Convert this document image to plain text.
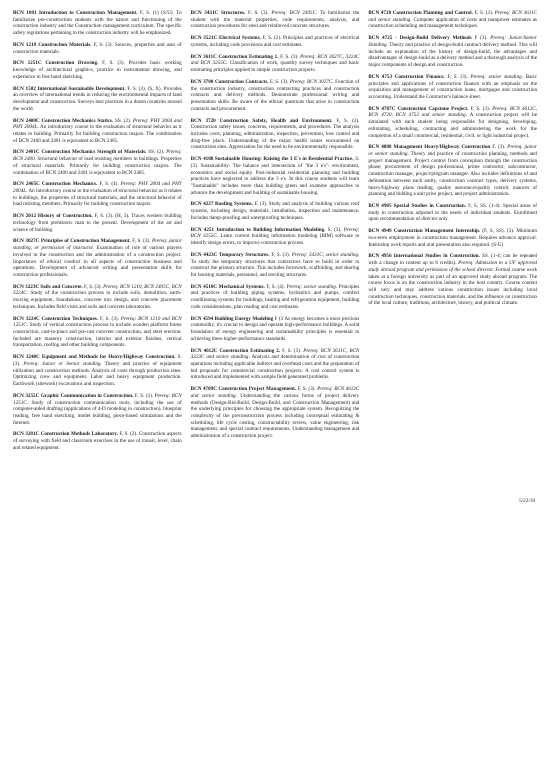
BCN 1001 Introduction to Construction Management. F, S. (1) (S/U). To familiarize pre-construction students with the nature and functioning of the construction industry and the Construction management curriculum. The specific safety regulations pertaining to the construction industry will be emphasized.

BCN 1210 Construction Materials. F, S. (3). Sources, properties and uses of construction materials.

BCN 1251C Construction Drawing. F, S. (3). Provides basic working knowledge of architectural graphics, practice in instrumental drawing, and experience in free hand sketching.

BCN 1582 International Sustainable Development. F, S. (3). (S, X). Provides an overview of international trends in reducing the environmental impacts of land development and construction. Surveys best practices in a dozen countries around the world.

BCN 2400C Construction Mechanics Statics. SS. (2). Prereq: PHY 2004 and PHY 2004L. An introductory course in the evaluation of structural behavior as it relates to building. Primarily for building construction majors. The combination of BCN 2400 and 2401 is equivalent to BCN 2405.

BCN 2401C Construction Mechanics Strength of Materials. SS. (2). Prereq: BCN 2400. Structural behavior of load resisting members in buildings. Properties of structural materials. Primarily for building construction majors. The combination of BCN 2400 and 2401 is equivalent to BCN 2405.

BCN 2405C Construction Mechanics. F, S. (4). Prereq: PHY 2004 and PHY 2004L. An introductory course in the evaluation of structural behavior as it relates to buildings, the properties of structural materials, and the structural behavior of load resisting members. Primarily for building construction majors.

BCN 2012 History of Construction. F, S. (3). (H, 3). Traces western building technology from prehistoric man to the present. Development of the art and science of building.

BCN 3027C Principles of Construction Management. F, S. (3). Prereq: junior standing, or permission of instructor. Examination of role of various players involved in the construction and the administration of a construction project. Importance of ethical conduct in all aspects of construction business and operations. Development of advanced writing and presentation skills for construction professionals.

BCN 3223C Soils and Concrete. F, S. (3). Prereq: BCN 1210, BCN 2405C, BCN 3224C. Study of the construction process to include soils, demolition, earth-moving equipment, foundations, concrete mix design, and concrete placement techniques. Includes field visits and soils and concrete laboratories.

BCN 3224C Construction Techniques. F, S. (3). Prereq: BCN 1210 and BCN 1251C. Study of vertical construction process to include wooden platform frame construction, cast-in-place and pre-cast concrete construction, and steel erection. Included are masonry construction, interior and exterior finishes, vertical transportation, roofing and other building components.

BCN 3240C Equipment and Methods for Heavy/Highway Construction. S. (3). Prereq: Junior or Senior standing. Theory and practice of equipment utilization and construction methods. Analysis of costs through production rates. Optimizing crew and equipment. Labor and heavy equipment production. Earthwork (sitework) excavations and inspection.

BCN 3255C Graphic Communication in Construction. F, S. (3). Prereq: BCN 1251C. Study of construction communication tools, including the use of computer-aided drafting (applications of 4-D modeling in construction), blueprint reading, free hand sketching, model building, piece-based simulations and the Internet.

BCN 3281C Construction Methods Laboratory. F, S. (2). Construction aspects of surveying with field and classroom exercises in the use of transit, level, chain and related equipment.

BCN 3431C Structures. F, S. (3). Prereq: BCN 2405C. To familiarize the student with the material properties, code requirements, analysis, and construction procedures for steel and reinforced concrete structures.

BCN 3521C Electrical Systems. F, S. (2). Principles and practices of electrical systems, including code provisions and cost estimates.

BCN 3611C Construction Estimating 1. F, S. (3). Prereq: BCN 3027C, 3224C and BCN 3255C. Classification of work, quantity survey techniques and basic estimating principles applied to simple construction projects.

BCN 3700 Construction Contracts. F, S. (3). Prereq: BCN 3027C. Function of the construction industry, construction contracting practices and construction contracts and delivery methods. Demonstrate professional writing and presentation skills. Be aware of the ethical questions that arise in construction contracts and procurement.

BCN 3720 Construction Safety, Health and Environment. F, S. (3). Construction safety issues, concerns, requirements, and procedures. The analysis includes costs, planning, administration, inspection, prevention, loss control and drug-free place. Understanding of the major health issues encountered on construction sites. Appreciation for the need to be environmentally responsible.

BCN 4108 Sustainable Housing: Raising the 3 E's in Residential Practice. S. (3). Sustainability: The balance and intersection of "the 3 e's": environment, economics and social equity. Post-industrial residential planning and building practices have neglected to address the 3 e's. In this course students will learn "Sustainable" includes more than building green and examine approaches to advance the development and building of sustainable housing.

BCN 4227 Roofing Systems. F. (3). Study and analysis of building various roof systems, including design, materials, installation, inspection and maintenance. Includes damp-proofing and waterproofing techniques.

BCN 4251 Introduction to Building Information Modeling. S. (3). Prereq: BCN 3255C. Learn current building information modeling (BIM) software to identify design errors, to improve construction process.

BCN 4423C Temporary Structures. F, S. (3). Prereq: 3431C, senior standing. To study the temporary structures that contractors have to build in order to construct the primary structure. This includes formwork; scaffolding, and shoring for housing materials, personnel, and erecting structures.

BCN 4510C Mechanical Systems. F, S. (4). Prereq: senior standing. Principles and practices of building piping systems, hydraulics and pumps, comfort conditioning systems for buildings, heating and refrigeration equipment, building code considerations, plan reading and cost estimates.

BCN 4594 Building Energy Modeling F (3 As energy becomes a more precious commodity, it's crucial to design and operate high-performance buildings. A solid foundation of energy engineering and sustainability principles is essential to achieving these higher-performance standards.

BCN 4612C Construction Estimating 2. F, S. (3). Prereq: BCN 3611C, BCN 3223C and senior standing. Analysis and determination of cost of construction operations including applicable indirect and overhead costs and the preparation of bid proposals for commercial construction projects. A cost control system is introduced and implemented with sample field generated problems.

BCN 4709C Construction Project Management. F, S. (3). Prereq: BCN 4612C and senior standing. Understanding the various forms of project delivery methods (Design-Bid-Build, Design-Build, and Construction Management) and the underlying principles for choosing the appropriate system. Recognizing the complexity of the preconstruction process including conceptual estimating & scheduling, life cycle costing, constructability review, value engineering, risk management, and special contract requirements. Understanding management and administration of a construction project.

BCN 4720 Construction Planning and Control. F, S. (3). Prereq: BCN 3611C and senior standing. Computer application of costs and manpower estimates as construction scheduling and management techniques.

BCN 4725 - Design-Build Delivery Methods F (3). Prereq: Junior/Senior Standing. Theory and practice of design-build contract delivery method. This will include an explanation of the history of design-build, the advantages and disadvantages of design-build as a delivery method and a thorough analysis of the major components of design and construction.

BCN 4753 Construction Finance. F, S. (3). Prereq: senior standing. Basic principles and applications of construction finance with an emphasis on the acquisition and management of construction loans, mortgages and construction accounting. Understand the Contractor's balance sheet.

BCN 4787C Construction Capstone Project. F, S. (3). Prereq: BCN 4612C, BCN 4720, BCN 4753 and senior standing. A construction project will be simulated with each student being responsible for designing, developing, estimating, scheduling, contracting and administering the work for the completion of a small commercial, residential, civil, or light industrial project.

BCN 4880 Management Heavy/Highway Construction F. (3). Prereq. junior or senior standing. Theory and practice of construction planning, methods and project management. Project control from conception through the construction phase; procurement of design professional, prime contractor, subcontractor, construction manager, project/program manager. Also includes definitions of and delineation between each entity, construction contract types, delivery systems, heavy/highway plans reading, quality assurance/quality control, nuances of planning and bidding a unit price project, and project administration.

BCN 4905 Special Studies in Construction. F, S, SS. (1-4). Special areas of study in construction adjusted to the needs of individual students. Enrollment upon recommendation of director only.

BCN 4949 Construction Management Internship. (F, S, SS). (3). Minimum two-term employment in construction management. Requires advance approval. Internship work reports and oral presentation also required. (S-U)

BCN 4956 International Studies in Construction. SS. (1-4; can be repeated with a change in content up to 6 credits). Prereq: Admission to a UF approved study abroad program and permission of the school director. Formal course work taken at a foreign university as part of an approved study abroad program. The course focus is on the construction industry in the host country. Course content will vary and may address various construction issues including local construction techniques, construction materials, and the influence on construction of the local culture, traditions, architecture, history, and political climate.

5/22/18
